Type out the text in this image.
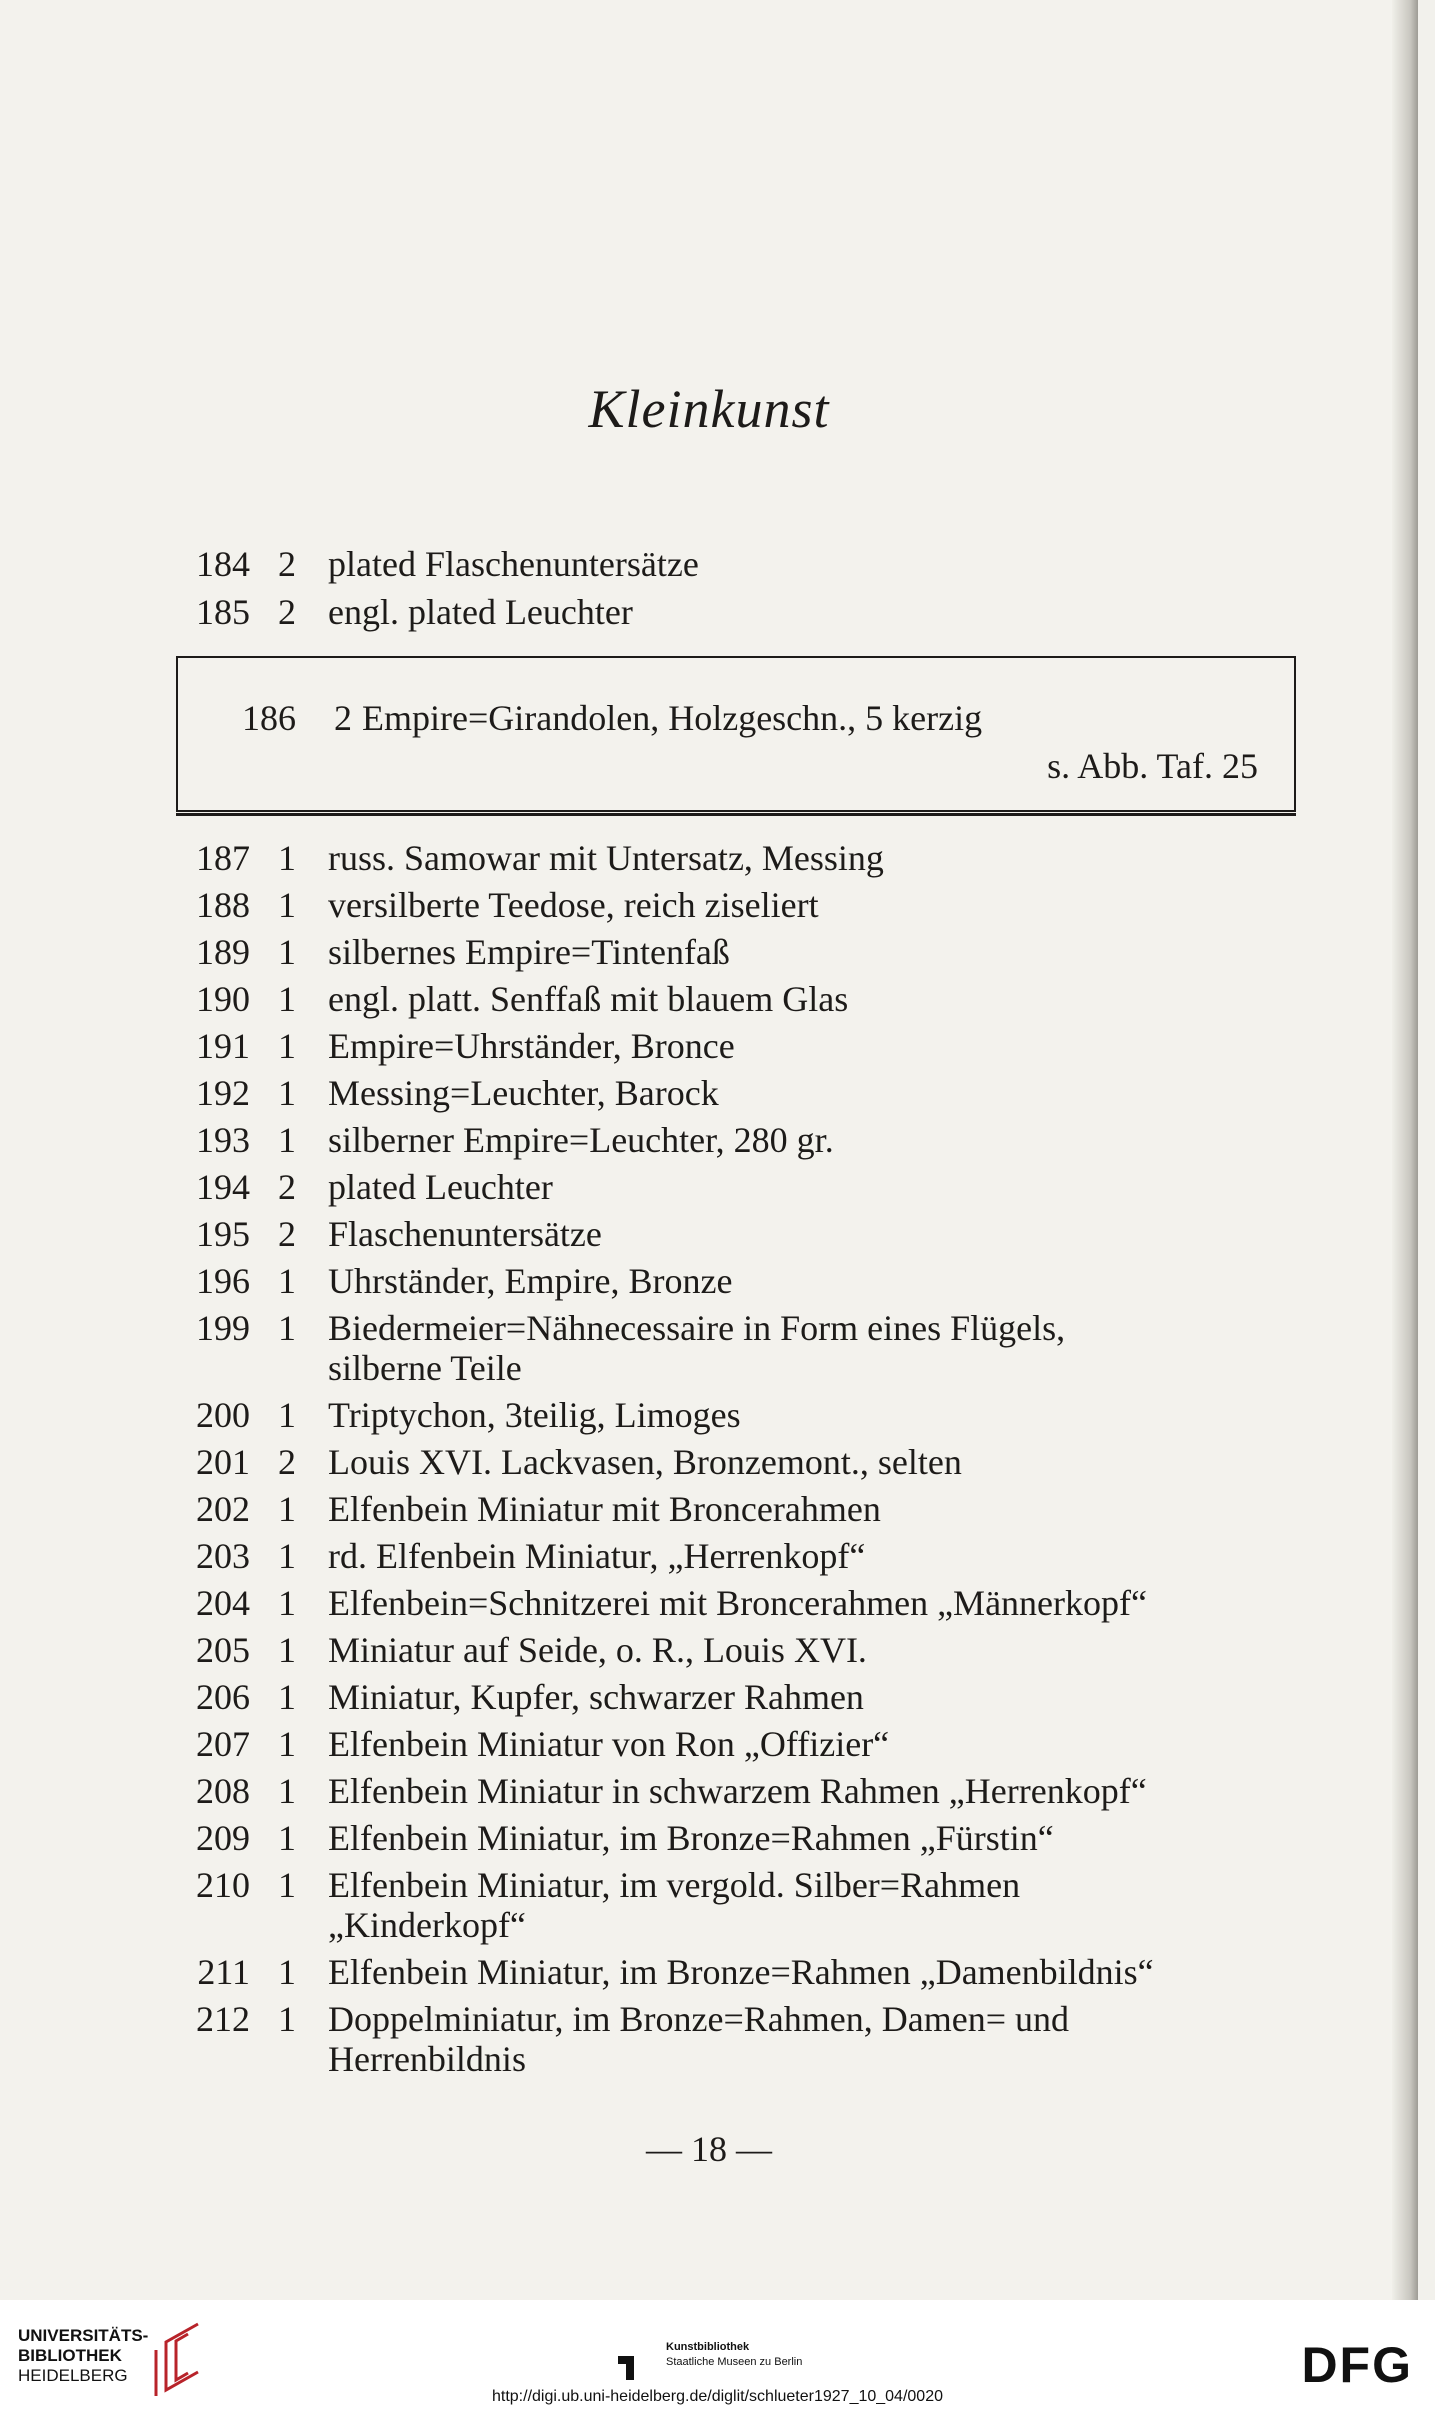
Kleinkunst
184 2 plated Flaschenuntersätze
185 2 engl. plated Leuchter
186 2 Empire=Girandolen, Holzgeschn., 5 kerzig
s. Abb. Taf. 25
187 1 russ. Samowar mit Untersatz, Messing
188 1 versilberte Teedose, reich ziseliert
189 1 silbernes Empire=Tintenfaß
190 1 engl. platt. Senffaß mit blauem Glas
191 1 Empire=Uhrständer, Bronce
192 1 Messing=Leuchter, Barock
193 1 silberner Empire=Leuchter, 280 gr.
194 2 plated Leuchter
195 2 Flaschenuntersätze
196 1 Uhrständer, Empire, Bronze
199 1 Biedermeier=Nähnecessaire in Form eines Flügels,
silberne Teile
200 1 Triptychon, 3teilig, Limoges
201 2 Louis XVI. Lackvasen, Bronzemont., selten
202 1 Elfenbein Miniatur mit Broncerahmen
203 1 rd. Elfenbein Miniatur, „Herrenkopf“
204 1 Elfenbein=Schnitzerei mit Broncerahmen „Männerkopf“
205 1 Miniatur auf Seide, o. R., Louis XVI.
206 1 Miniatur, Kupfer, schwarzer Rahmen
207 1 Elfenbein Miniatur von Ron „Offizier“
208 1 Elfenbein Miniatur in schwarzem Rahmen „Herrenkopf“
209 1 Elfenbein Miniatur, im Bronze=Rahmen „Fürstin“
210 1 Elfenbein Miniatur, im vergold. Silber=Rahmen
„Kinderkopf“
211 1 Elfenbein Miniatur, im Bronze=Rahmen „Damenbildnis“
212 1 Doppelminiatur, im Bronze=Rahmen, Damen= und
Herrenbildnis
— 18 —
UNIVERSITÄTS-
BIBLIOTHEK
HEIDELBERG
Kunstbibliothek
Staatliche Museen zu Berlin	DFG
http://digi.ub.uni-heidelberg.de/diglit/schlueter1927_10_04/0020
